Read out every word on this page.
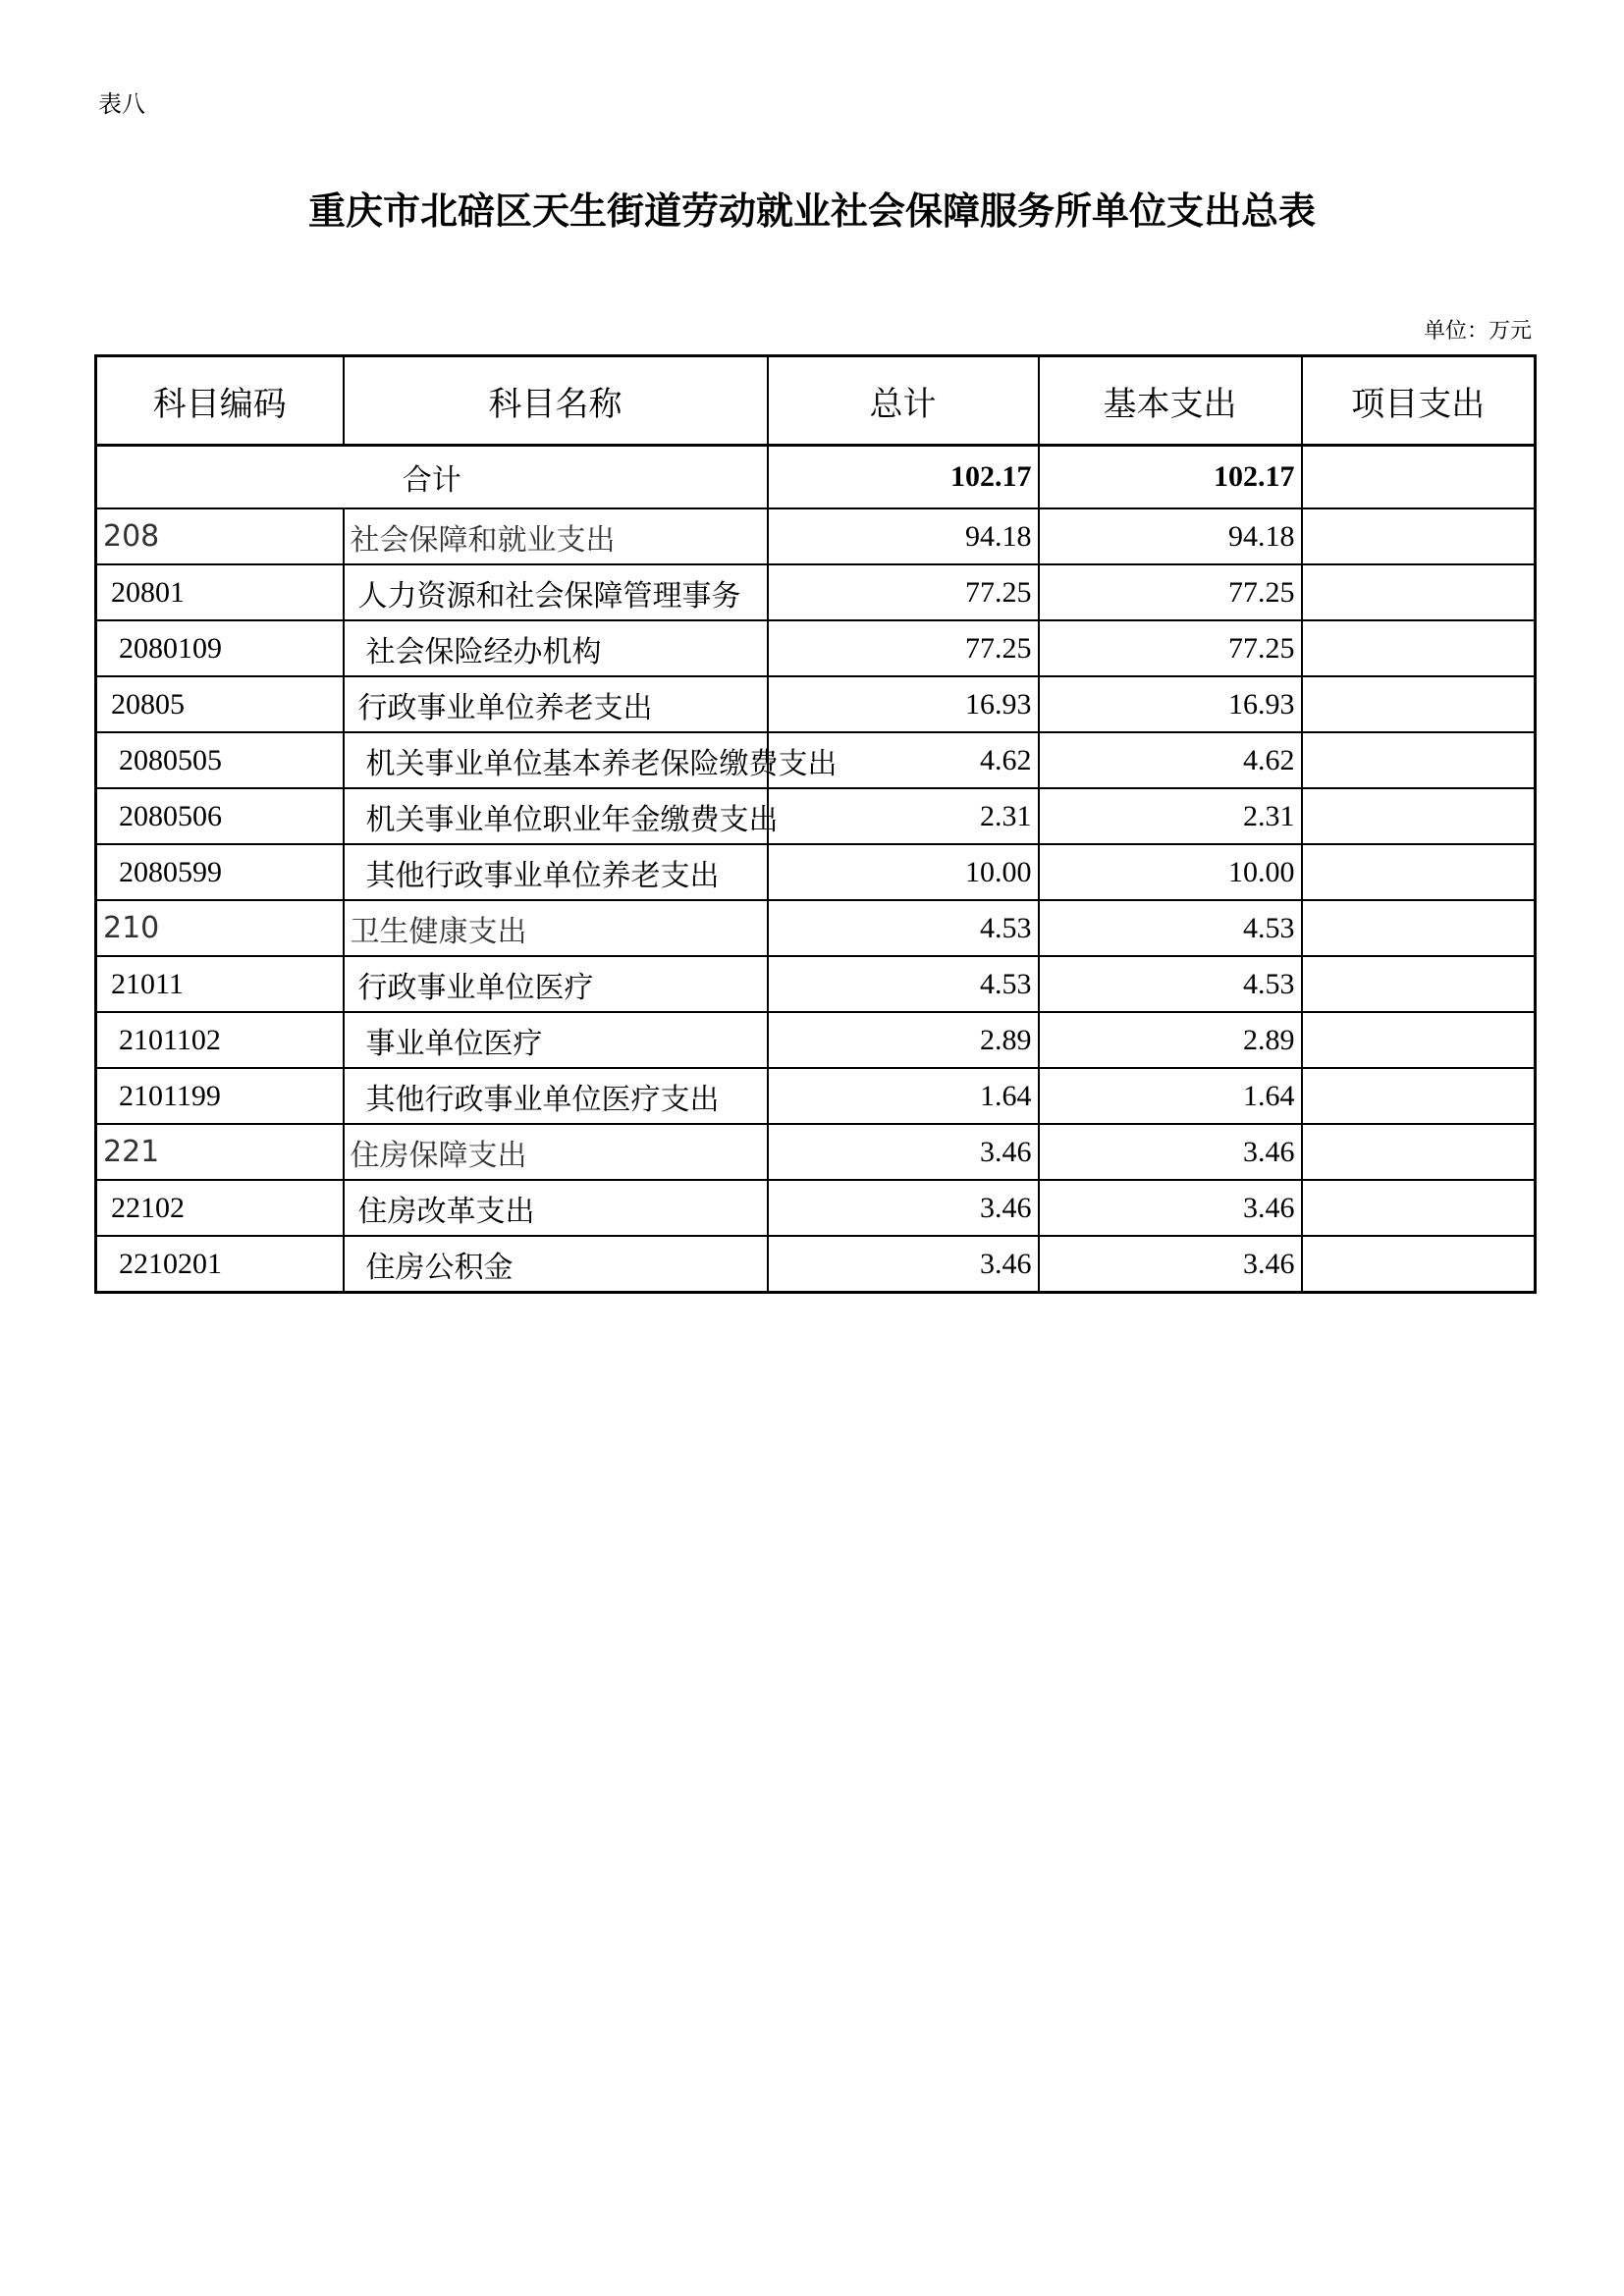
表八
重庆市北碚区天生街道劳动就业社会保障服务所单位支出总表
单位：万元
科目编码	科目名称	总计	基本支出	项目支出
合计		102.17	102.17	
208	社会保障和就业支出	94.18	94.18	
20801	人力资源和社会保障管理事务	77.25	77.25	
2080109	社会保险经办机构	77.25	77.25	
20805	行政事业单位养老支出	16.93	16.93	
2080505	机关事业单位基本养老保险缴费支出	4.62	4.62	
2080506	机关事业单位职业年金缴费支出	2.31	2.31	
2080599	其他行政事业单位养老支出	10.00	10.00	
210	卫生健康支出	4.53	4.53	
21011	行政事业单位医疗	4.53	4.53	
2101102	事业单位医疗	2.89	2.89	
2101199	其他行政事业单位医疗支出	1.64	1.64	
221	住房保障支出	3.46	3.46	
22102	住房改革支出	3.46	3.46	
2210201	住房公积金	3.46	3.46	
